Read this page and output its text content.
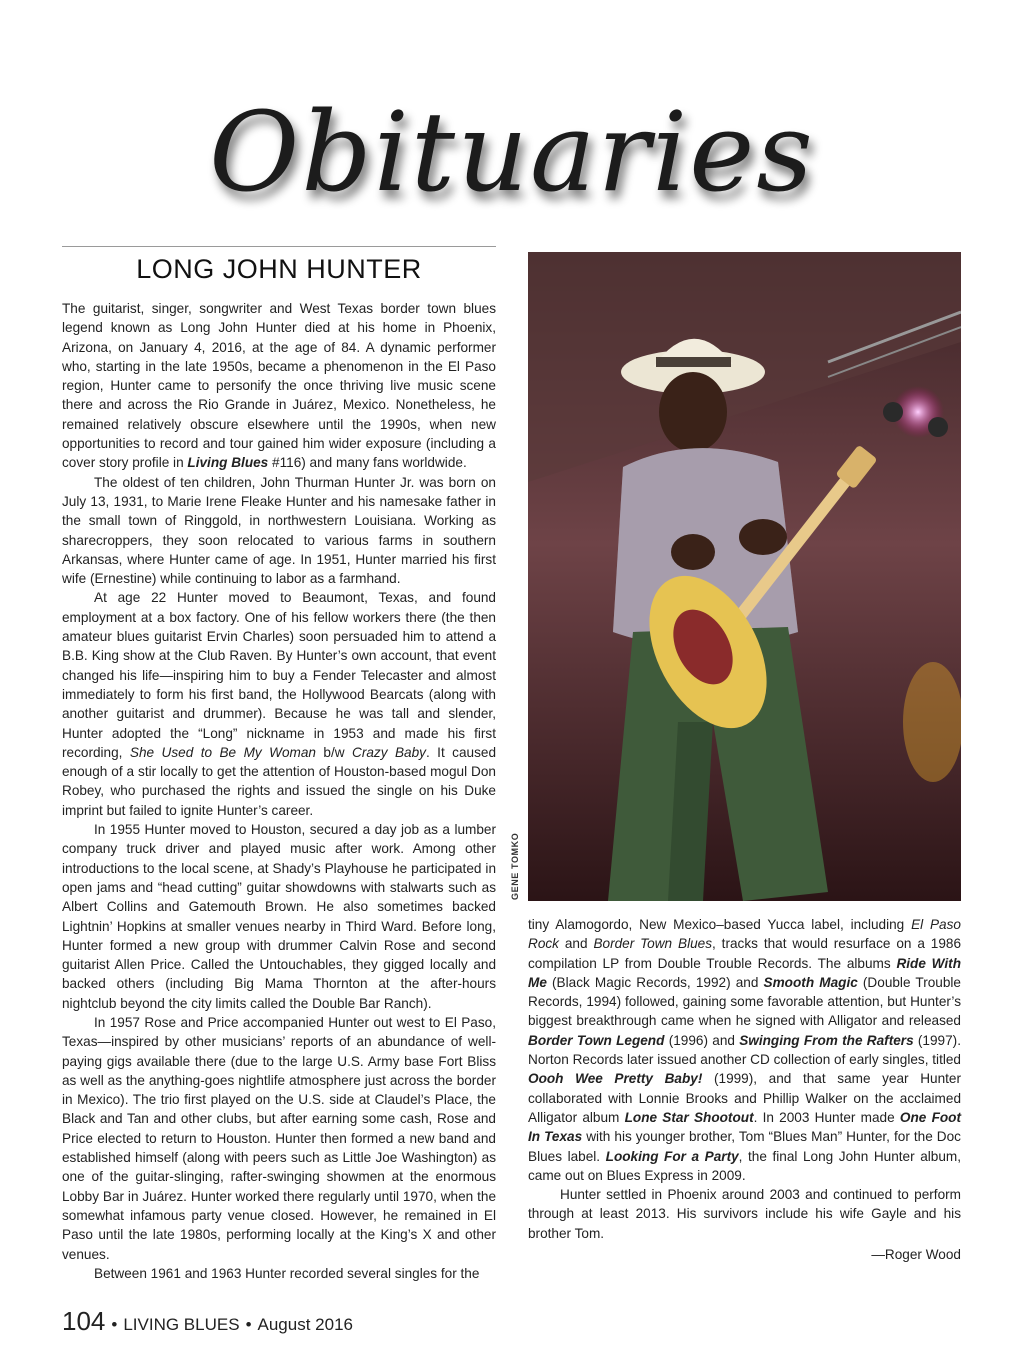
Obituaries
LONG JOHN HUNTER

The guitarist, singer, songwriter and West Texas border town blues legend known as Long John Hunter died at his home in Phoenix, Arizona, on January 4, 2016, at the age of 84. A dynamic performer who, starting in the late 1950s, became a phenomenon in the El Paso region, Hunter came to personify the once thriving live music scene there and across the Rio Grande in Juárez, Mexico. Nonetheless, he remained relatively obscure elsewhere until the 1990s, when new opportunities to record and tour gained him wider exposure (including a cover story profile in Living Blues #116) and many fans worldwide.

The oldest of ten children, John Thurman Hunter Jr. was born on July 13, 1931, to Marie Irene Fleake Hunter and his namesake father in the small town of Ringgold, in northwestern Louisiana. Working as sharecroppers, they soon relocated to various farms in southern Arkansas, where Hunter came of age. In 1951, Hunter married his first wife (Ernestine) while continuing to labor as a farmhand.

At age 22 Hunter moved to Beaumont, Texas, and found employment at a box factory. One of his fellow workers there (the then amateur blues guitarist Ervin Charles) soon persuaded him to attend a B.B. King show at the Club Raven. By Hunter’s own account, that event changed his life—inspiring him to buy a Fender Telecaster and almost immediately to form his first band, the Hollywood Bearcats (along with another guitarist and drummer). Because he was tall and slender, Hunter adopted the “Long” nickname in 1953 and made his first recording, She Used to Be My Woman b/w Crazy Baby. It caused enough of a stir locally to get the attention of Houston-based mogul Don Robey, who purchased the rights and issued the single on his Duke imprint but failed to ignite Hunter’s career.

In 1955 Hunter moved to Houston, secured a day job as a lumber company truck driver and played music after work. Among other introductions to the local scene, at Shady’s Playhouse he participated in open jams and “head cutting” guitar showdowns with stalwarts such as Albert Collins and Gatemouth Brown. He also sometimes backed Lightnin’ Hopkins at smaller venues nearby in Third Ward. Before long, Hunter formed a new group with drummer Calvin Rose and second guitarist Allen Price. Called the Untouchables, they gigged locally and backed others (including Big Mama Thornton at the after-hours nightclub beyond the city limits called the Double Bar Ranch).

In 1957 Rose and Price accompanied Hunter out west to El Paso, Texas—inspired by other musicians’ reports of an abundance of well-paying gigs available there (due to the large U.S. Army base Fort Bliss as well as the anything-goes nightlife atmosphere just across the border in Mexico). The trio first played on the U.S. side at Claudel’s Place, the Black and Tan and other clubs, but after earning some cash, Rose and Price elected to return to Houston. Hunter then formed a new band and established himself (along with peers such as Little Joe Washington) as one of the guitar-slinging, rafter-swinging showmen at the enormous Lobby Bar in Juárez. Hunter worked there regularly until 1970, when the somewhat infamous party venue closed. However, he remained in El Paso until the late 1980s, performing locally at the King’s X and other venues.

Between 1961 and 1963 Hunter recorded several singles for the

GENE TOMKO

tiny Alamogordo, New Mexico–based Yucca label, including El Paso Rock and Border Town Blues, tracks that would resurface on a 1986 compilation LP from Double Trouble Records. The albums Ride With Me (Black Magic Records, 1992) and Smooth Magic (Double Trouble Records, 1994) followed, gaining some favorable attention, but Hunter’s biggest breakthrough came when he signed with Alligator and released Border Town Legend (1996) and Swinging From the Rafters (1997). Norton Records later issued another CD collection of early singles, titled Oooh Wee Pretty Baby! (1999), and that same year Hunter collaborated with Lonnie Brooks and Phillip Walker on the acclaimed Alligator album Lone Star Shootout. In 2003 Hunter made One Foot In Texas with his younger brother, Tom “Blues Man” Hunter, for the Doc Blues label. Looking For a Party, the final Long John Hunter album, came out on Blues Express in 2009.

Hunter settled in Phoenix around 2003 and continued to perform through at least 2013. His survivors include his wife Gayle and his brother Tom.

—Roger Wood

104 • LIVING BLUES • August 2016
